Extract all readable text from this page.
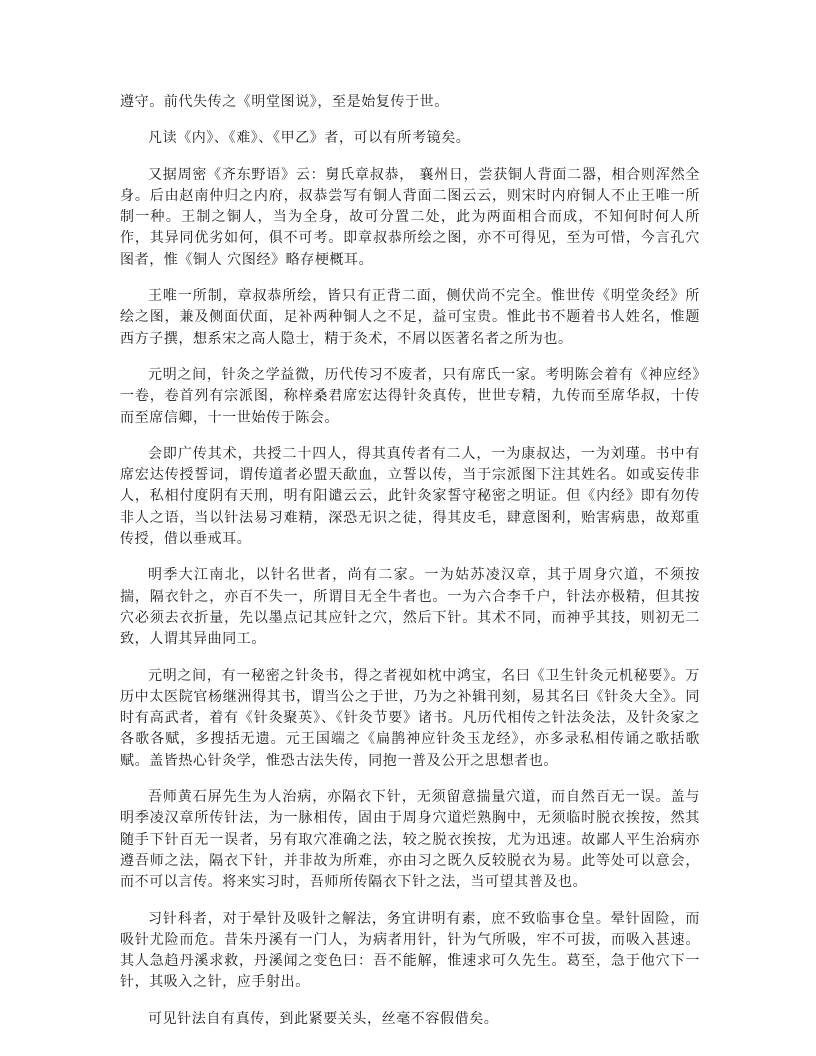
遵守。前代失传之《明堂图说》，至是始复传于世。

凡读《内》、《难》、《甲乙》者，可以有所考镜矣。

又据周密《齐东野语》云：舅氏章叔恭， 襄州日，尝获铜人背面二器，相合则浑然全身。后由赵南仲归之内府，叔恭尝写有铜人背面二图云云，则宋时内府铜人不止王唯一所制一种。王制之铜人，当为全身，故可分置二处，此为两面相合而成，不知何时何人所作，其异同优劣如何，俱不可考。即章叔恭所绘之图，亦不可得见，至为可惜，今言孔穴图者，惟《铜人 穴图经》略存梗概耳。

王唯一所制，章叔恭所绘，皆只有正背二面，侧伏尚不完全。惟世传《明堂灸经》所绘之图，兼及侧面伏面，足补两种铜人之不足，益可宝贵。惟此书不题着书人姓名，惟题西方子撰，想系宋之高人隐士，精于灸术，不屑以医著名者之所为也。

元明之间，针灸之学益微，历代传习不废者，只有席氏一家。考明陈会着有《神应经》一卷，卷首列有宗派图，称梓桑君席宏达得针灸真传，世世专精，九传而至席华叔，十传而至席信卿，十一世始传于陈会。

会即广传其术，共授二十四人，得其真传者有二人，一为康叔达，一为刘瑾。书中有席宏达传授誓词，谓传道者必盟天歃血，立誓以传，当于宗派图下注其姓名。如或妄传非人，私相付度阴有天刑，明有阳谴云云，此针灸家誓守秘密之明证。但《内经》即有勿传非人之语，当以针法易习难精，深恐无识之徒，得其皮毛，肆意图利，贻害病患，故郑重传授，借以垂戒耳。

明季大江南北，以针名世者，尚有二家。一为姑苏凌汉章，其于周身穴道，不须按揣，隔衣针之，亦百不失一，所谓目无全牛者也。一为六合李千户，针法亦极精，但其按穴必须去衣折量，先以墨点记其应针之穴，然后下针。其术不同，而神乎其技，则初无二致，人谓其异曲同工。

元明之间，有一秘密之针灸书，得之者视如枕中鸿宝，名曰《卫生针灸元机秘要》。万历中太医院官杨继洲得其书，谓当公之于世，乃为之补辑刊刻，易其名曰《针灸大全》。同时有高武者，着有《针灸聚英》、《针灸节要》诸书。凡历代相传之针法灸法，及针灸家之各歌各赋，多搜括无遗。元王国端之《扁鹊神应针灸玉龙经》，亦多录私相传诵之歌括歌赋。盖皆热心针灸学，惟恐古法失传，同抱一普及公开之思想者也。

吾师黄石屏先生为人治病，亦隔衣下针，无须留意揣量穴道，而自然百无一误。盖与明季凌汉章所传针法，为一脉相传，固由于周身穴道烂熟胸中，无须临时脱衣挨按，然其随手下针百无一误者，另有取穴准确之法，较之脱衣挨按，尤为迅速。故鄙人平生治病亦遵吾师之法，隔衣下针，并非故为所难，亦由习之既久反较脱衣为易。此等处可以意会，而不可以言传。将来实习时，吾师所传隔衣下针之法，当可望其普及也。

习针科者，对于晕针及吸针之解法，务宜讲明有素，庶不致临事仓皇。晕针固险，而吸针尤险而危。昔朱丹溪有一门人，为病者用针，针为气所吸，牢不可拔，而吸入甚速。其人急趋丹溪求救，丹溪闻之变色曰：吾不能解，惟速求可久先生。葛至，急于他穴下一针，其吸入之针，应手射出。

可见针法自有真传，到此紧要关头，丝毫不容假借矣。
